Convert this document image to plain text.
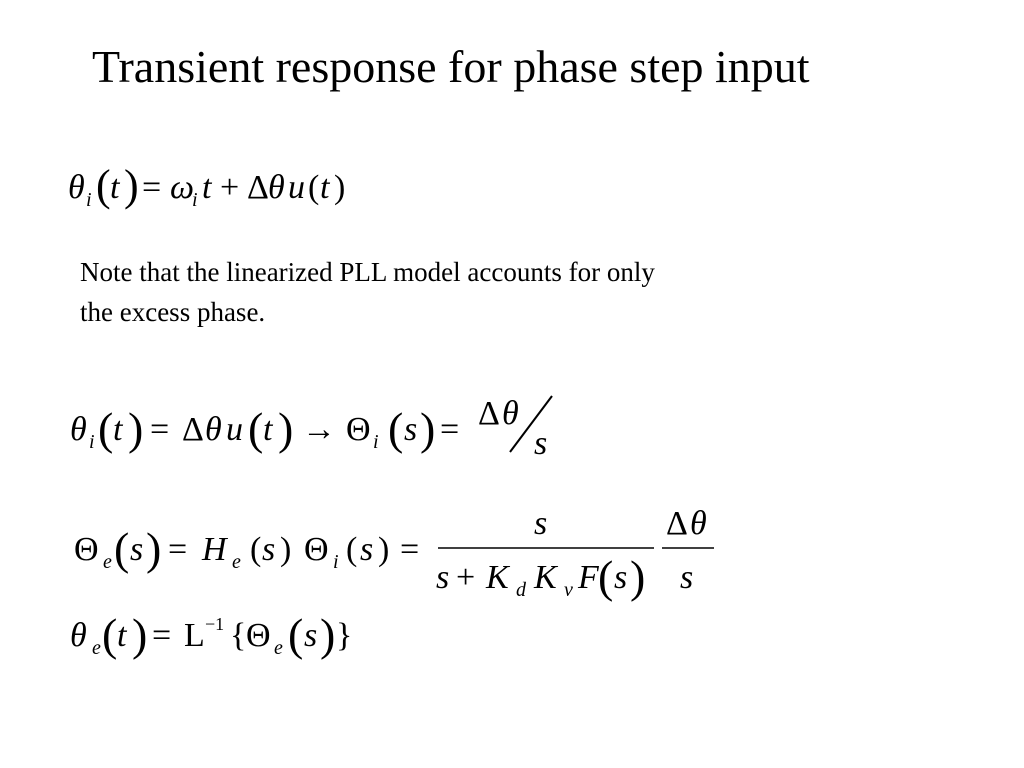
Transient response for phase step input
θ i ( t ) = ω
i t + Δ θ u ( t )
Note that the linearized PLL model accounts for only
the excess phase.
θ i ( t ) = Δ θ u ( t ) → Θ i ( s ) = Δ θ
s
Θ e ( s ) = H e ( s ) Θ i ( s ) =
s
s + K d K v F ( s )
Δ θ
s
θ e ( t ) = L −1 { Θ e ( s ) }
